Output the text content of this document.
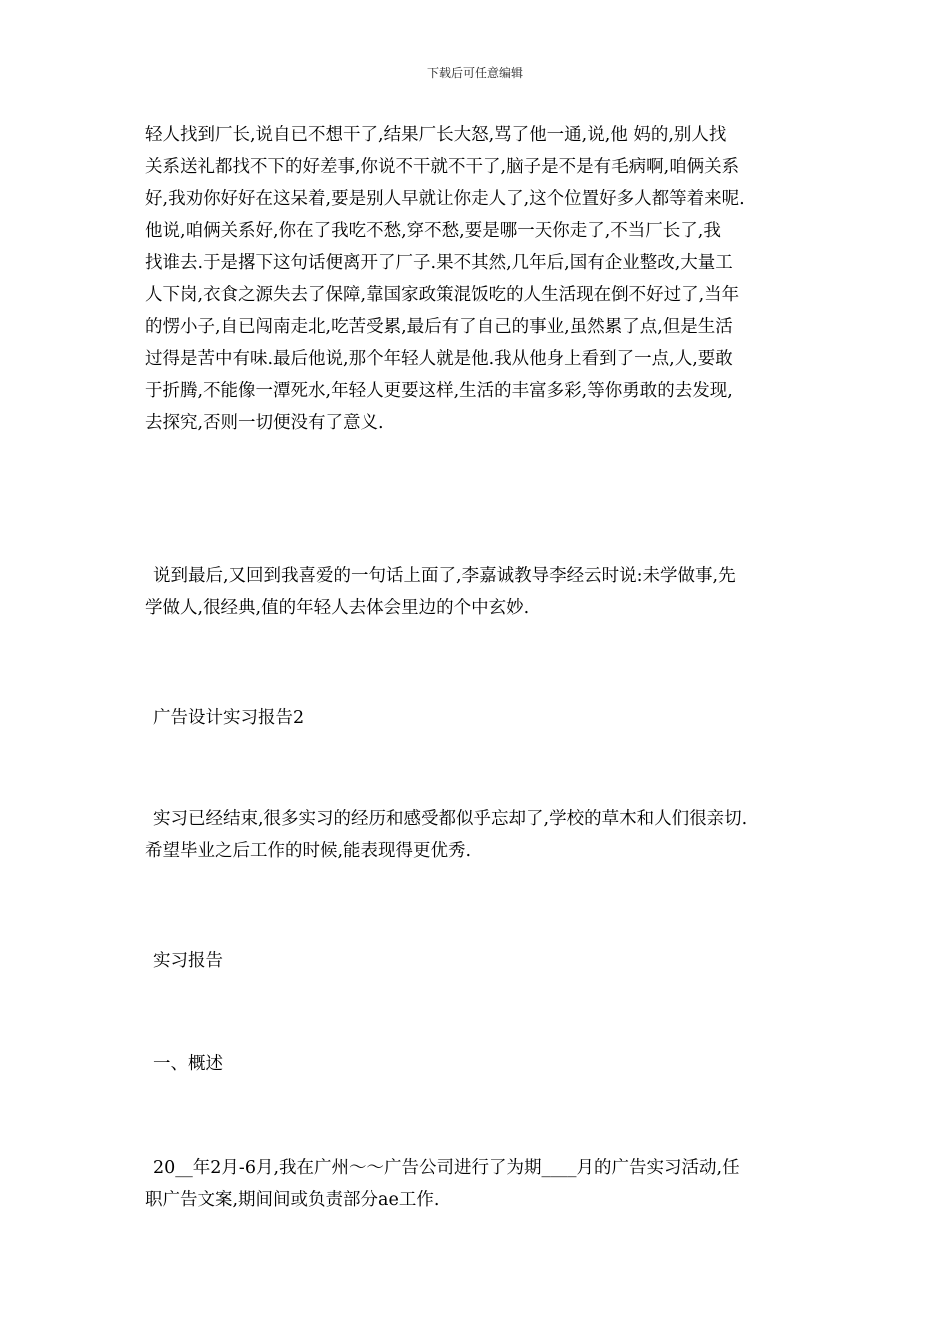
下载后可任意编辑
轻人找到厂长,说自已不想干了,结果厂长大怒,骂了他一通,说,他 妈的,别人找
关系送礼都找不下的好差事,你说不干就不干了,脑子是不是有毛病啊,咱俩关系
好,我劝你好好在这呆着,要是别人早就让你走人了,这个位置好多人都等着来呢.
他说,咱俩关系好,你在了我吃不愁,穿不愁,要是哪一天你走了,不当厂长了,我
找谁去.于是撂下这句话便离开了厂子.果不其然,几年后,国有企业整改,大量工
人下岗,衣食之源失去了保障,靠国家政策混饭吃的人生活现在倒不好过了,当年
的愣小子,自已闯南走北,吃苦受累,最后有了自己的事业,虽然累了点,但是生活
过得是苦中有味.最后他说,那个年轻人就是他.我从他身上看到了一点,人,要敢
于折腾,不能像一潭死水,年轻人更要这样,生活的丰富多彩,等你勇敢的去发现,
去探究,否则一切便没有了意义.
说到最后,又回到我喜爱的一句话上面了,李嘉诚教导李经云时说:未学做事,先
学做人,很经典,值的年轻人去体会里边的个中玄妙.
广告设计实习报告2
实习已经结束,很多实习的经历和感受都似乎忘却了,学校的草木和人们很亲切.
希望毕业之后工作的时候,能表现得更优秀.
实习报告
一、概述
20__年2月-6月,我在广州～～广告公司进行了为期____月的广告实习活动,任
职广告文案,期间间或负责部分ae工作.
